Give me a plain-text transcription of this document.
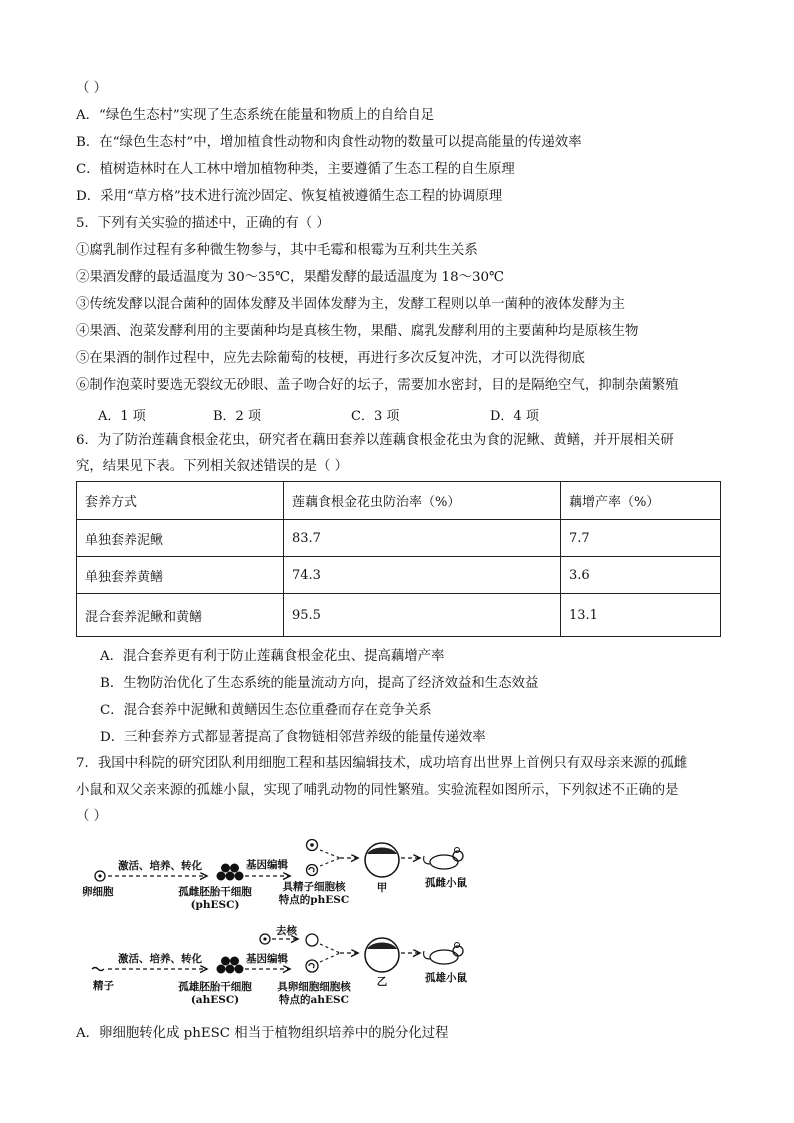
（ ）
A．“绿色生态村”实现了生态系统在能量和物质上的自给自足
B．在“绿色生态村”中，增加植食性动物和肉食性动物的数量可以提高能量的传递效率
C．植树造林时在人工林中增加植物种类，主要遵循了生态工程的自生原理
D．采用“草方格”技术进行流沙固定、恢复植被遵循生态工程的协调原理
5．下列有关实验的描述中，正确的有（ ）
①腐乳制作过程有多种微生物参与，其中毛霉和根霉为互利共生关系
②果酒发酵的最适温度为 30～35℃，果醋发酵的最适温度为 18～30℃
③传统发酵以混合菌种的固体发酵及半固体发酵为主，发酵工程则以单一菌种的液体发酵为主
④果酒、泡菜发酵利用的主要菌种均是真核生物，果醋、腐乳发酵利用的主要菌种均是原核生物
⑤在果酒的制作过程中，应先去除葡萄的枝梗，再进行多次反复冲洗，才可以洗得彻底
⑥制作泡菜时要选无裂纹无砂眼、盖子吻合好的坛子，需要加水密封，目的是隔绝空气，抑制杂菌繁殖
A．1 项	B．2 项	C．3 项	D．4 项
6．为了防治莲藕食根金花虫，研究者在藕田套养以莲藕食根金花虫为食的泥鳅、黄鳝，并开展相关研
究，结果见下表。下列相关叙述错误的是（ ）
套养方式	莲藕食根金花虫防治率（%）	藕增产率（%）
单独套养泥鳅	83.7	7.7
单独套养黄鳝	74.3	3.6
混合套养泥鳅和黄鳝	95.5	13.1
A．混合套养更有利于防止莲藕食根金花虫、提高藕增产率
B．生物防治优化了生态系统的能量流动方向，提高了经济效益和生态效益
C．混合套养中泥鳅和黄鳝因生态位重叠而存在竞争关系
D．三种套养方式都显著提高了食物链相邻营养级的能量传递效率
7．我国中科院的研究团队利用细胞工程和基因编辑技术，成功培育出世界上首例只有双母亲来源的孤雌
小鼠和双父亲来源的孤雄小鼠，实现了哺乳动物的同性繁殖。实验流程如图所示，下列叙述不正确的是
（ ）
卵细胞
激活、培养、转化
孤雌胚胎干细胞
(phESC)
基因编辑
具精子细胞核
特点的phESC
甲	孤雌小鼠
精子
激活、培养、转化
孤雄胚胎干细胞
(ahESC)
去核
基因编辑
具卵细胞细胞核
特点的ahESC
乙	孤雄小鼠
A．卵细胞转化成 phESC 相当于植物组织培养中的脱分化过程
